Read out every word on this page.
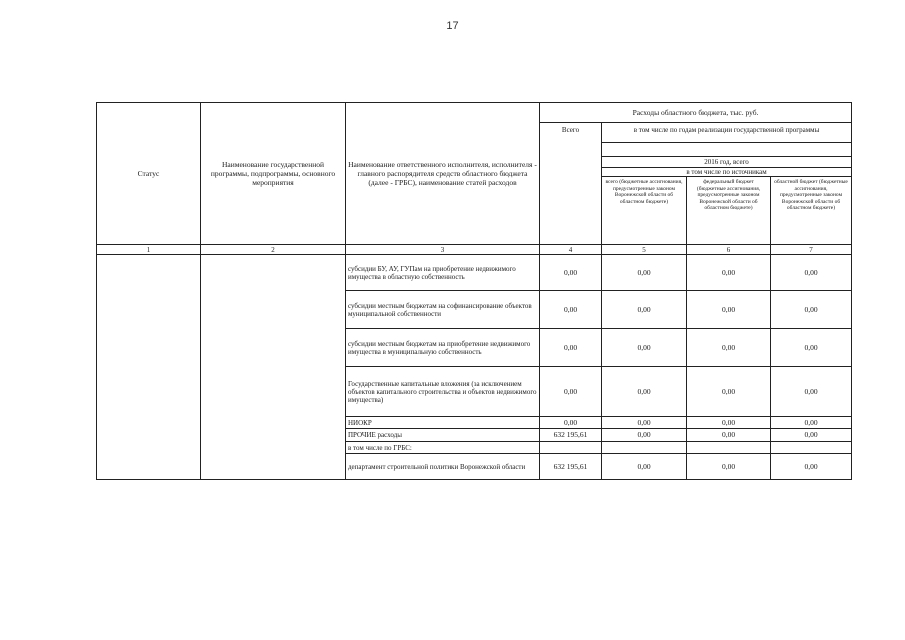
17
Статус	Наименование государственной программы, подпрограммы, основного мероприятия	Наименование ответственного исполнителя, исполнителя - главного распорядителя средств областного бюджета (далее - ГРБС), наименование статей расходов	Расходы областного бюджета, тыс. руб.			
			Всего	в том числе по годам реализации государственной программы		

				2016 год, всего		
				в том числе по источникам		
				всего (бюджетные ассигнования, предусмотренные законом Воронежской области об областном бюджете)	федеральный бюджет (бюджетные ассигнования, предусмотренные законом Воронежской области об областном бюджете)	областной бюджет (бюджетные ассигнования, предусмотренные законом Воронежской области об областном бюджете)
1	2	3	4	5	6	7
		субсидии БУ, АУ, ГУПам на приобретение недвижимого имущества в областную собственность	0,00	0,00	0,00	0,00
		субсидии местным бюджетам на софинансирование объектов муниципальной собственности	0,00	0,00	0,00	0,00
		субсидии местным бюджетам на приобретение недвижимого имущества в муниципальную собственность	0,00	0,00	0,00	0,00
		Государственные капитальные вложения (за исключением объектов капитального строительства и объектов недвижимого имущества)	0,00	0,00	0,00	0,00
		НИОКР	0,00	0,00	0,00	0,00
		ПРОЧИЕ расходы	632 195,61	0,00	0,00	0,00
		в том числе по ГРБС:				
		департамент строительной политики Воронежской области	632 195,61	0,00	0,00	0,00
